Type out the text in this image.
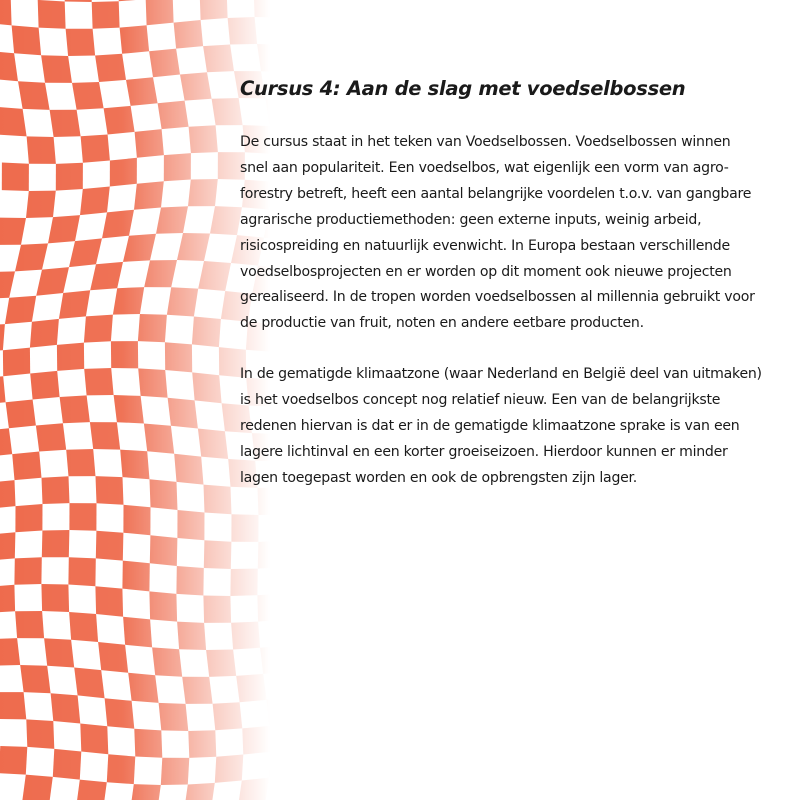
Cursus 4: Aan de slag met voedselbossen

De cursus staat in het teken van Voedselbossen. Voedselbossen winnen
snel aan populariteit. Een voedselbos, wat eigenlijk een vorm van agro-
forestry betreft, heeft een aantal belangrijke voordelen t.o.v. van gangbare
agrarische productiemethoden: geen externe inputs, weinig arbeid,
risicospreiding en natuurlijk evenwicht. In Europa bestaan verschillende
voedselbosprojecten en er worden op dit moment ook nieuwe projecten
gerealiseerd. In de tropen worden voedselbossen al millennia gebruikt voor
de productie van fruit, noten en andere eetbare producten.

In de gematigde klimaatzone (waar Nederland en België deel van uitmaken)
is het voedselbos concept nog relatief nieuw. Een van de belangrijkste
redenen hiervan is dat er in de gematigde klimaatzone sprake is van een
lagere lichtinval en een korter groeiseizoen. Hierdoor kunnen er minder
lagen toegepast worden en ook de opbrengsten zijn lager.
